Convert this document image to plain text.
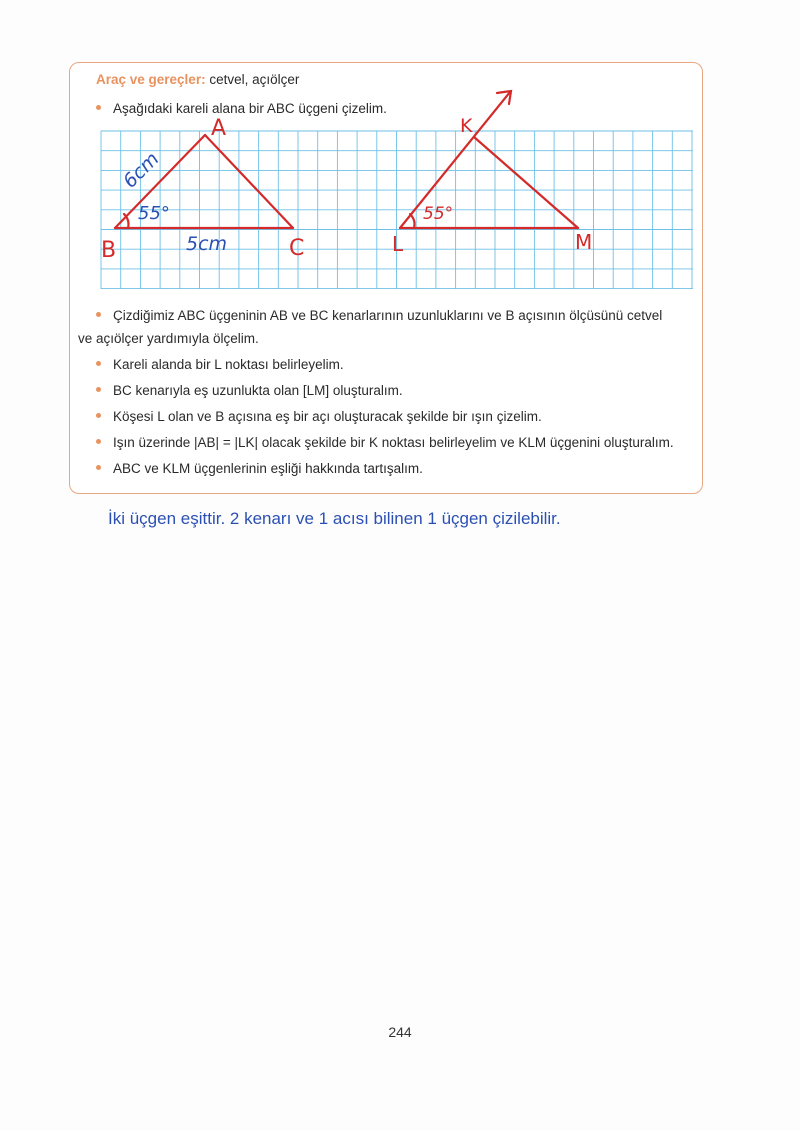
Araç ve gereçler: cetvel, açıölçer
Aşağıdaki kareli alana bir ABC üçgeni çizelim.
A
B	C
6cm
55°
5cm
K
L	M
55°
Çizdiğimiz ABC üçgeninin AB ve BC kenarlarının uzunluklarını ve B açısının ölçüsünü cetvel
ve açıölçer yardımıyla ölçelim.
Kareli alanda bir L noktası belirleyelim.
BC kenarıyla eş uzunlukta olan [LM] oluşturalım.
Köşesi L olan ve B açısına eş bir açı oluşturacak şekilde bir ışın çizelim.
Işın üzerinde |AB| = |LK| olacak şekilde bir K noktası belirleyelim ve KLM üçgenini oluşturalım.
ABC ve KLM üçgenlerinin eşliği hakkında tartışalım.
İki üçgen eşittir. 2 kenarı ve 1 acısı bilinen 1 üçgen çizilebilir.
244
